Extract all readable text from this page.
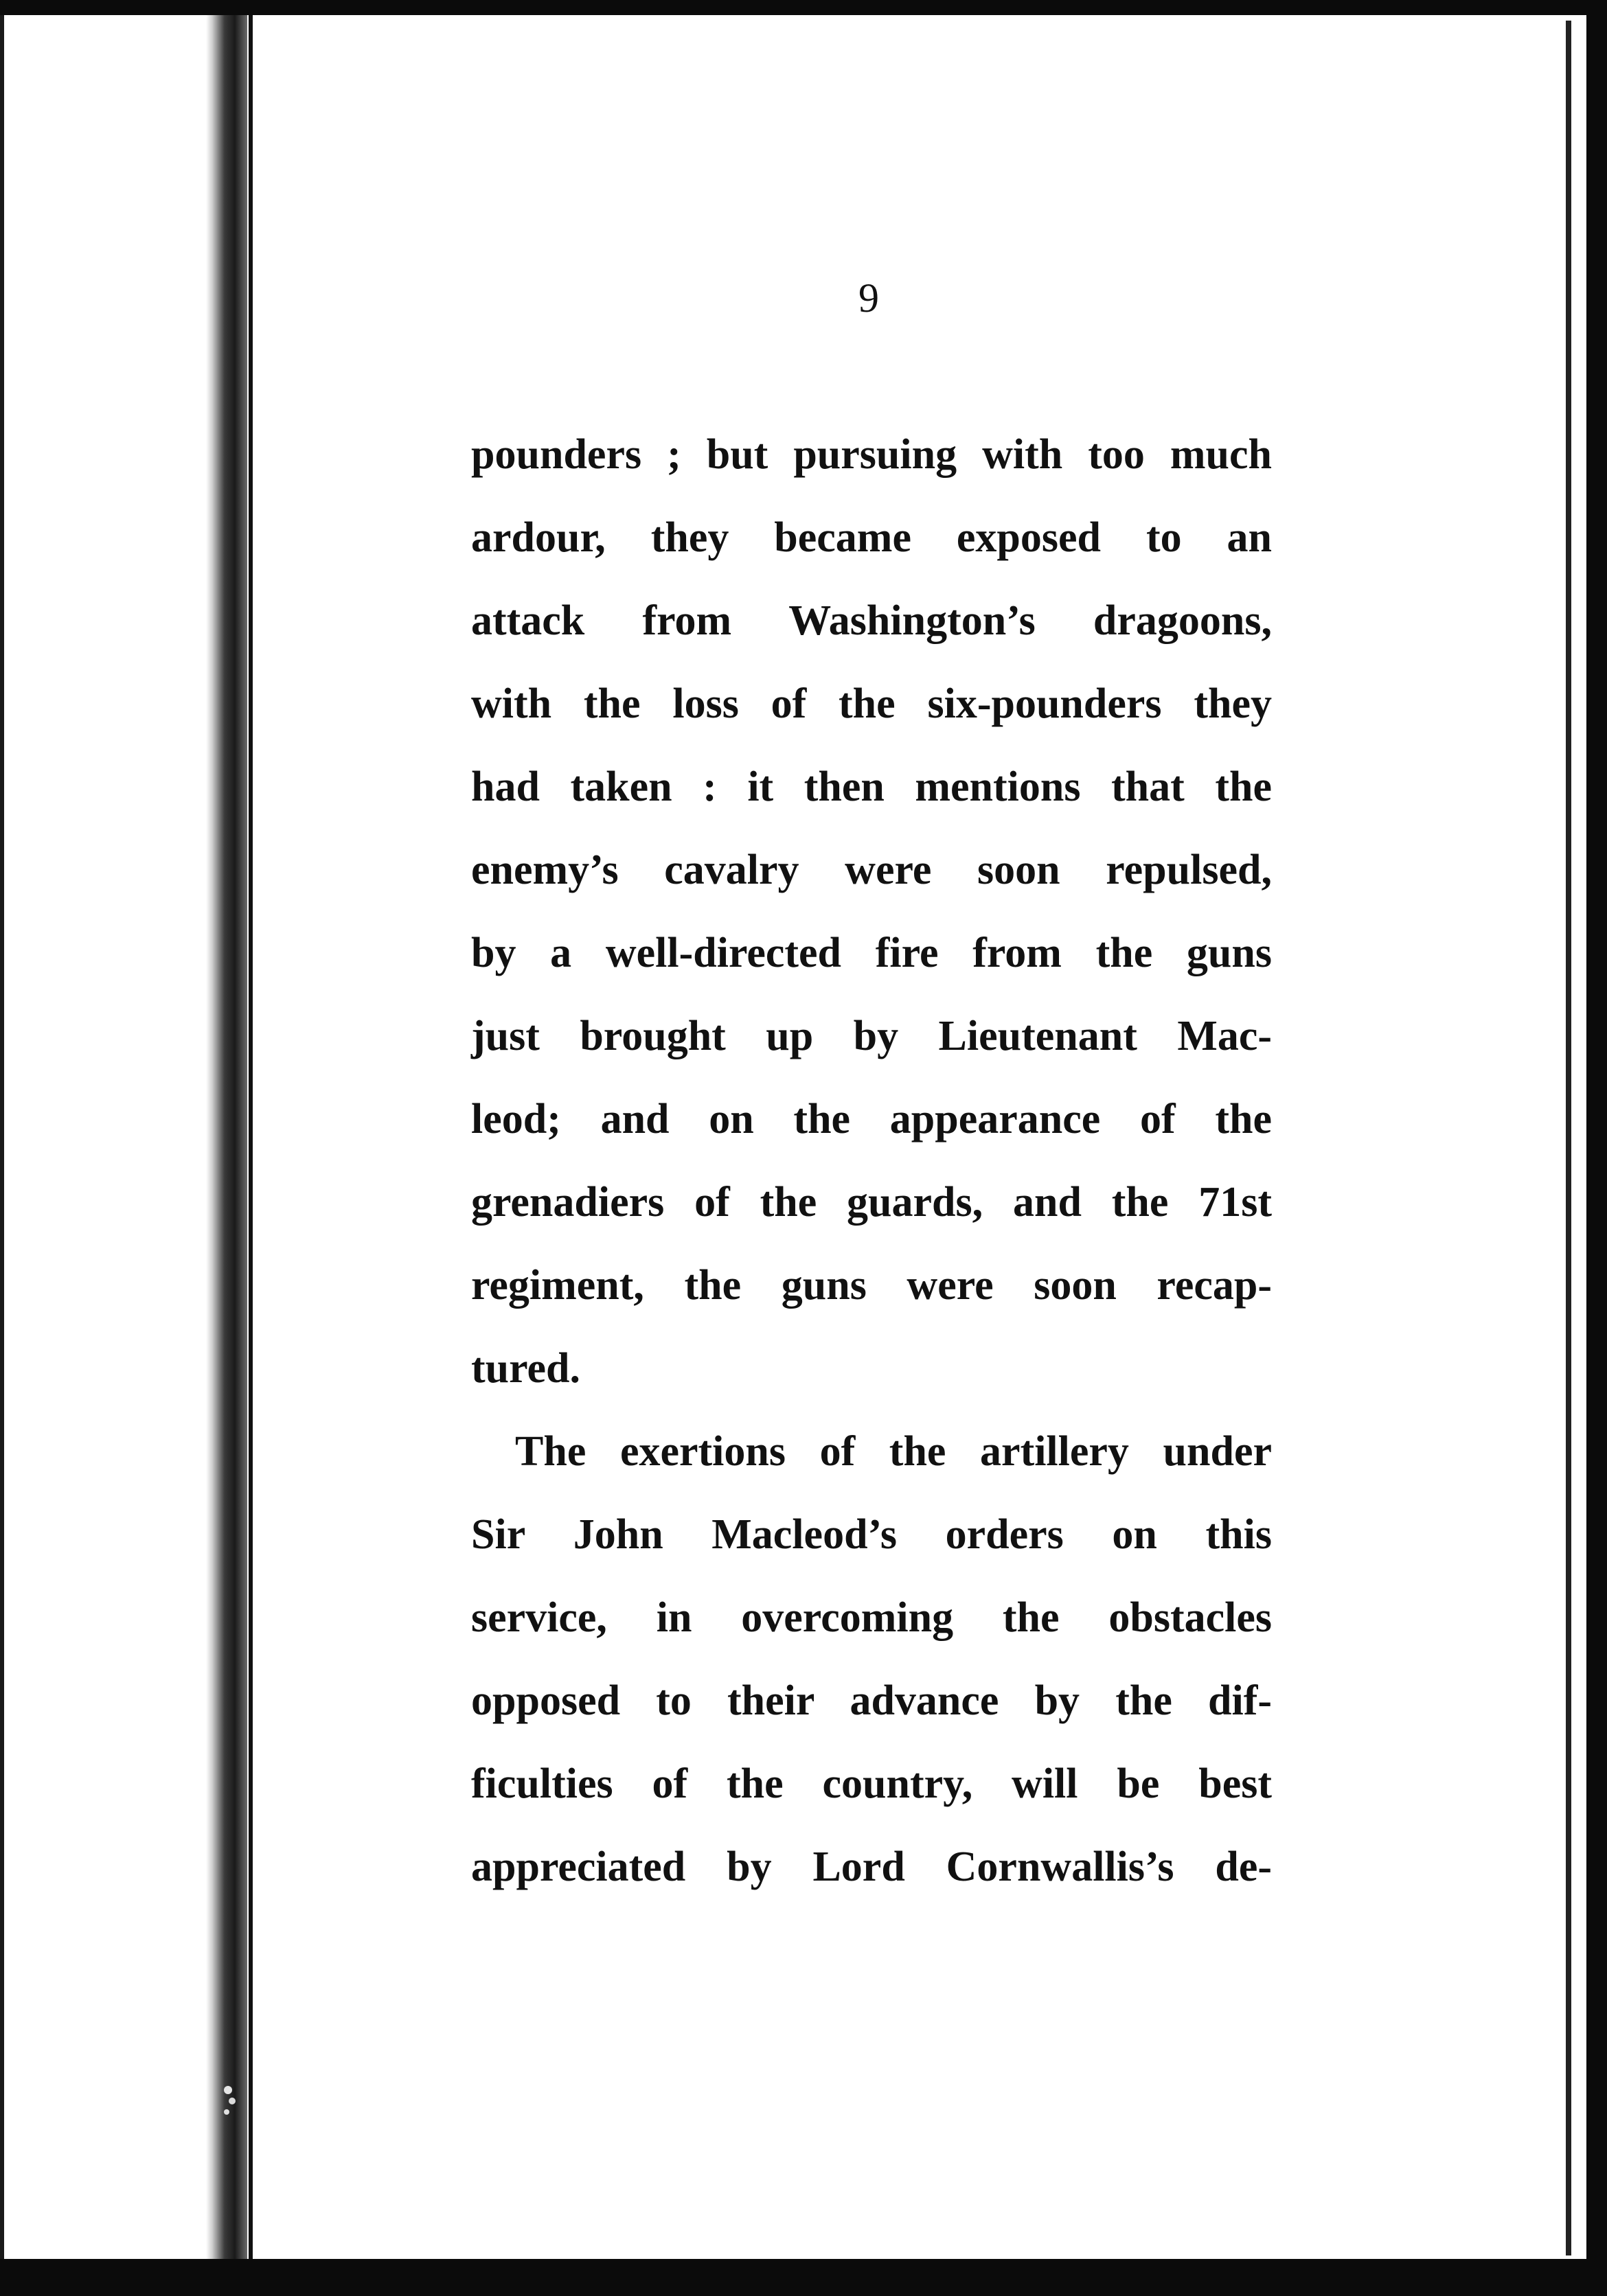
9
pounders ; but pursuing with too much
ardour, they became exposed to an
attack from Washington’s dragoons,
with the loss of the six-pounders they
had taken : it then mentions that the
enemy’s cavalry were soon repulsed,
by a well-directed fire from the guns
just brought up by Lieutenant Mac-
leod; and on the appearance of the
grenadiers of the guards, and the 71st
regiment, the guns were soon recap-
tured.
The exertions of the artillery under
Sir John Macleod’s orders on this
service, in overcoming the obstacles
opposed to their advance by the dif-
ficulties of the country, will be best
appreciated by Lord Cornwallis’s de-
